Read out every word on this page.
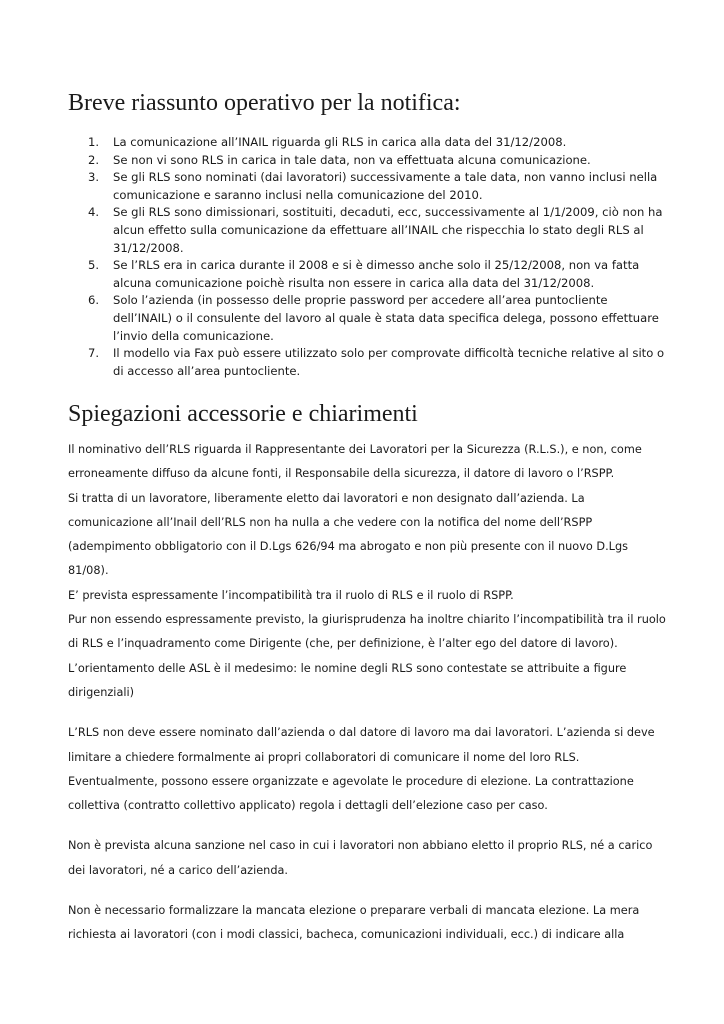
Breve riassunto operativo per la notifica:
1. La comunicazione all’INAIL riguarda gli RLS in carica alla data del 31/12/2008.
2. Se non vi sono RLS in carica in tale data, non va effettuata alcuna comunicazione.
3. Se gli RLS sono nominati (dai lavoratori) successivamente a tale data, non vanno inclusi nella comunicazione e saranno inclusi nella comunicazione del 2010.
4. Se gli RLS sono dimissionari, sostituiti, decaduti, ecc, successivamente al 1/1/2009, ciò non ha alcun effetto sulla comunicazione da effettuare all’INAIL che rispecchia lo stato degli RLS al 31/12/2008.
5. Se l’RLS era in carica durante il 2008 e si è dimesso anche solo il 25/12/2008, non va fatta alcuna comunicazione poichè risulta non essere in carica alla data del 31/12/2008.
6. Solo l’azienda (in possesso delle proprie password per accedere all’area puntocliente dell’INAIL) o il consulente del lavoro al quale è stata data specifica delega, possono effettuare l’invio della comunicazione.
7. Il modello via Fax può essere utilizzato solo per comprovate difficoltà tecniche relative al sito o di accesso all’area puntocliente.
Spiegazioni accessorie e chiarimenti

Il nominativo dell’RLS riguarda il Rappresentante dei Lavoratori per la Sicurezza (R.L.S.), e non, come erroneamente diffuso da alcune fonti, il Responsabile della sicurezza, il datore di lavoro o l’RSPP.

Si tratta di un lavoratore, liberamente eletto dai lavoratori e non designato dall’azienda. La comunicazione all’Inail dell’RLS non ha nulla a che vedere con la notifica del nome dell’RSPP (adempimento obbligatorio con il D.Lgs 626/94 ma abrogato e non più presente con il nuovo D.Lgs 81/08).

E’ prevista espressamente l’incompatibilità tra il ruolo di RLS e il ruolo di RSPP.

Pur non essendo espressamente previsto, la giurisprudenza ha inoltre chiarito l’incompatibilità tra il ruolo di RLS e l’inquadramento come Dirigente (che, per definizione, è l’alter ego del datore di lavoro).

L’orientamento delle ASL è il medesimo: le nomine degli RLS sono contestate se attribuite a figure dirigenziali)

L’RLS non deve essere nominato dall’azienda o dal datore di lavoro ma dai lavoratori. L’azienda si deve limitare a chiedere formalmente ai propri collaboratori di comunicare il nome del loro RLS. Eventualmente, possono essere organizzate e agevolate le procedure di elezione. La contrattazione collettiva (contratto collettivo applicato) regola i dettagli dell’elezione caso per caso.

Non è prevista alcuna sanzione nel caso in cui i lavoratori non abbiano eletto il proprio RLS, né a carico dei lavoratori, né a carico dell’azienda.

Non è necessario formalizzare la mancata elezione o preparare verbali di mancata elezione. La mera richiesta ai lavoratori (con i modi classici, bacheca, comunicazioni individuali, ecc.) di indicare alla
